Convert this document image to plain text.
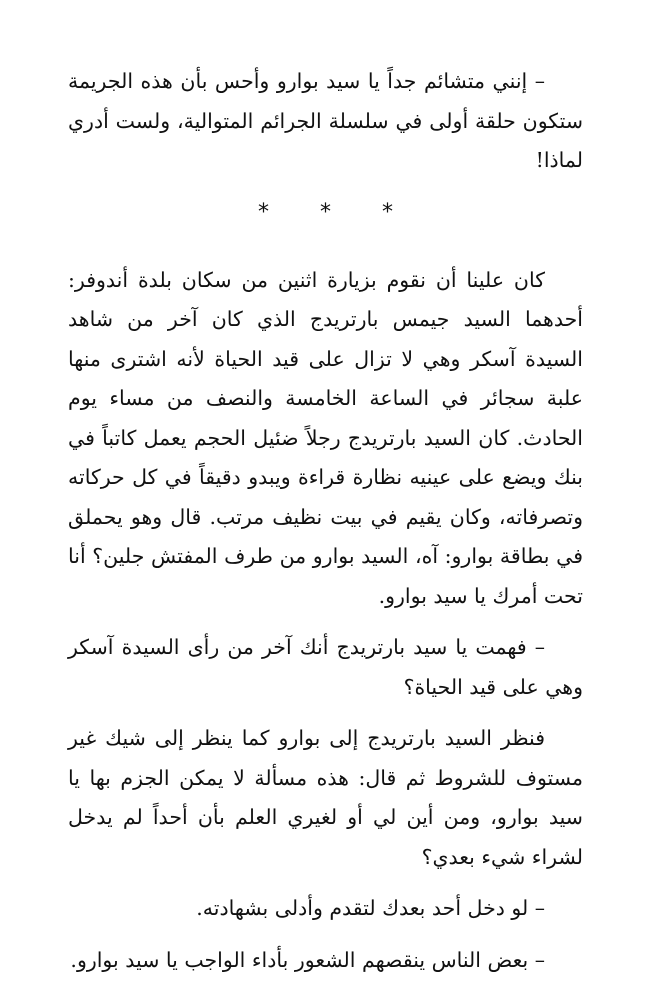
– إنني متشائم جداً يا سيد بوارو وأحس بأن هذه الجريمة ستكون حلقة أولى في سلسلة الجرائم المتوالية، ولست أدري لماذا!

* * *

كان علينا أن نقوم بزيارة اثنين من سكان بلدة أندوفر: أحدهما السيد جيمس بارتريدج الذي كان آخر من شاهد السيدة آسكر وهي لا تزال على قيد الحياة لأنه اشترى منها علبة سجائر في الساعة الخامسة والنصف من مساء يوم الحادث. كان السيد بارتريدج رجلاً ضئيل الحجم يعمل كاتباً في بنك ويضع على عينيه نظارة قراءة ويبدو دقيقاً في كل حركاته وتصرفاته، وكان يقيم في بيت نظيف مرتب. قال وهو يحملق في بطاقة بوارو: آه، السيد بوارو من طرف المفتش جلين؟ أنا تحت أمرك يا سيد بوارو.

– فهمت يا سيد بارتريدج أنك آخر من رأى السيدة آسكر وهي على قيد الحياة؟

فنظر السيد بارتريدج إلى بوارو كما ينظر إلى شيك غير مستوف للشروط ثم قال: هذه مسألة لا يمكن الجزم بها يا سيد بوارو، ومن أين لي أو لغيري العلم بأن أحداً لم يدخل لشراء شيء بعدي؟

– لو دخل أحد بعدك لتقدم وأدلى بشهادته.

– بعض الناس ينقصهم الشعور بأداء الواجب يا سيد بوارو.
